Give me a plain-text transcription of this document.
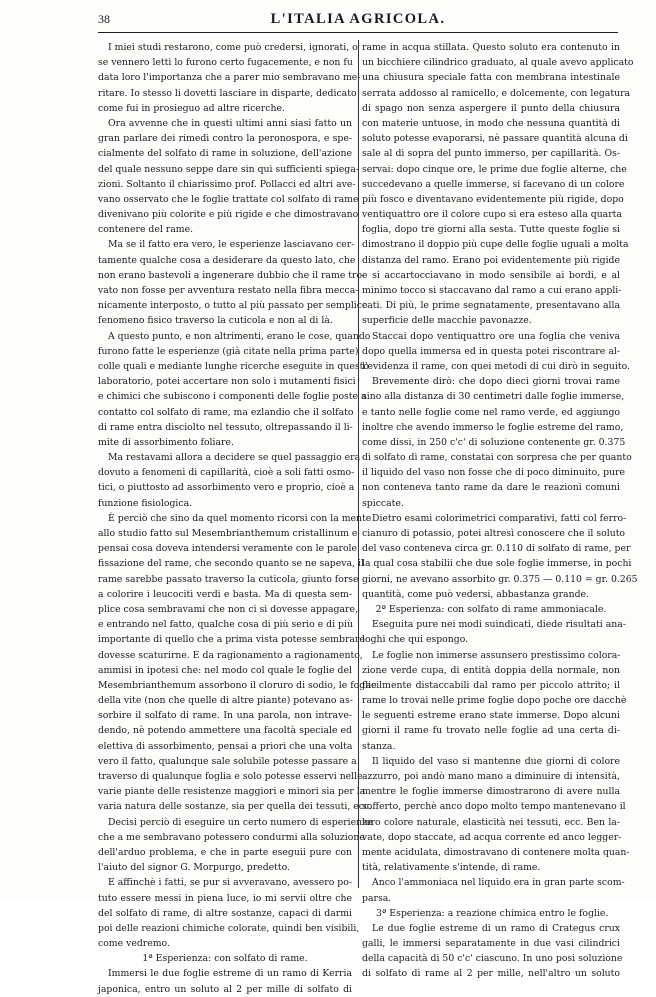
38	L'ITALIA AGRICOLA.
I miei studi restarono, come può credersi, ignorati, o
se vennero letti lo furono certo fugacemente, e non fu
data loro l'importanza che a parer mio sembravano me-
ritare. Io stesso li dovetti lasciare in disparte, dedicato
come fui in prosieguo ad altre ricerche.
Ora avvenne che in questi ultimi anni siasi fatto un
gran parlare dei rimedi contro la peronospora, e spe-
cialmente del solfato di rame in soluzione, dell'azione
del quale nessuno seppe dare sin qui sufficienti spiega-
zioni. Soltanto il chiarissimo prof. Pollacci ed altri ave-
vano osservato che le foglie trattate col solfato di rame
divenivano più colorite e più rigide e che dimostravano
contenere del rame.
Ma se il fatto era vero, le esperienze lasciavano cer-
tamente qualche cosa a desiderare da questo lato, che
non erano bastevoli a ingenerare dubbio che il rame tro-
vato non fosse per avventura restato nella fibra mecca-
nicamente interposto, o tutto al più passato per semplice
fenomeno fisico traverso la cuticola e non al di là.
A questo punto, e non altrimenti, erano le cose, quando
furono fatte le esperienze (già citate nella prima parte)
colle quali e mediante lunghe ricerche eseguite in questo
laboratorio, potei accertare non solo i mutamenti fisici
e chimici che subiscono i componenti delle foglie poste a
contatto col solfato di rame, ma ezlandio che il solfato
di rame entra disciolto nel tessuto, oltrepassando il li-
mite di assorbimento foliare.
Ma restavami allora a decidere se quel passaggio era
dovuto a fenomeni di capillarità, cioè a soli fatti osmo-
tici, o piuttosto ad assorbimento vero e proprio, cioè a
funzione fisiologica.
È perciò che sino da quel momento ricorsi con la mente
allo studio fatto sul Mesembrianthemum cristallinum e
pensai cosa doveva intendersi veramente con le parole
fissazione del rame, che secondo quanto se ne sapeva, il
rame sarebbe passato traverso la cuticola, giunto forse
a colorire i leucociti verdi e basta. Ma di questa sem-
plice cosa sembravami che non ci si dovesse appagare,
e entrando nel fatto, qualche cosa di più serio e di più
importante di quello che a prima vista potesse sembrare
dovesse scaturirne. E da ragionamento a ragionamento,
ammisi in ipotesi che: nel modo col quale le foglie del
Mesembrianthemum assorbono il cloruro di sodio, le foglie
della vite (non che quelle di altre piante) potevano as-
sorbire il solfato di rame. In una parola, non intrave-
dendo, nè potendo ammettere una facoltà speciale ed
elettiva di assorbimento, pensai a priori che una volta
vero il fatto, qualunque sale solubile potesse passare a
traverso di qualunque foglia e solo potesse esservi nelle
varie piante delle resistenze maggiori e minori sia per la
varia natura delle sostanze, sia per quella dei tessuti, ecc.
Decisi perciò di eseguire un certo numero di esperienze
che a me sembravano potessero condurmi alla soluzione
dell'arduo problema, e che in parte eseguii pure con
l'aiuto del signor G. Morpurgo, predetto.
E affinchè i fatti, se pur si avveravano, avessero po-
tuto essere messi in piena luce, io mi servii oltre che
del solfato di rame, di altre sostanze, capaci di darmi
poi delle reazioni chimiche colorate, quindi ben visibili,
come vedremo.
1ª Esperienza: con solfato di rame.
Immersi le due foglie estreme di un ramo di Kerria
japonica, entro un soluto al 2 per mille di solfato di
rame in acqua stillata. Questo soluto era contenuto in
un bicchiere cilindrico graduato, al quale avevo applicato
una chiusura speciale fatta con membrana intestinale
serrata addosso al ramicello, e dolcemente, con legatura
di spago non senza aspergere il punto della chiusura
con materie untuose, in modo che nessuna quantità di
soluto potesse evaporarsi, nè passare quantità alcuna di
sale al di sopra del punto immerso, per capillarità. Os-
servai: dopo cinque ore, le prime due foglie alterne, che
succedevano a quelle immerse, si facevano di un colore
più fosco e diventavano evidentemente più rigide, dopo
ventiquattro ore il colore cupo si era esteso alla quarta
foglia, dopo tre giorni alla sesta. Tutte queste foglie si
dimostrano il doppio più cupe delle foglie uguali a molta
distanza del ramo. Erano poi evidentemente più rigide
e si accartocciavano in modo sensibile ai bordi, e al
minimo tocco si staccavano dal ramo a cui erano appli-
cati. Di più, le prime segnatamente, presentavano alla
superficie delle macchie pavonazze.
Staccai dopo ventiquattro ore una foglia che veniva
dopo quella immersa ed in questa potei riscontrare al-
l'evidenza il rame, con quei metodi di cui dirò in seguito.
Brevemente dirò: che dopo dieci giorni trovai rame
sino alla distanza di 30 centimetri dalle foglie immerse,
e tanto nelle foglie come nel ramo verde, ed aggiungo
inoltre che avendo immerso le foglie estreme del ramo,
come dissi, in 250 c'c' di soluzione contenente gr. 0.375
di solfato di rame, constatai con sorpresa che per quanto
il liquido del vaso non fosse che di poco diminuito, pure
non conteneva tanto rame da dare le reazioni comuni
spiccate.
Dietro esami colorimetrici comparativi, fatti col ferro-
cianuro di potassio, potei altresì conoscere che il soluto
del vaso conteneva circa gr. 0.110 di solfato di rame, per
la qual cosa stabilii che due sole foglie immerse, in pochi
giorni, ne avevano assorbito gr. 0.375 — 0.110 = gr. 0.265
quantità, come può vedersi, abbastanza grande.
2ª Esperienza: con solfato di rame ammoniacale.
Eseguita pure nei modi suindicati, diede risultati ana-
loghi che qui espongo.
Le foglie non immerse assunsero prestissimo colora-
zione verde cupa, di entità doppia della normale, non
facilmente distaccabili dal ramo per piccolo attrito; il
rame lo trovai nelle prime foglie dopo poche ore dacchè
le seguenti estreme erano state immerse. Dopo alcuni
giorni il rame fu trovato nelle foglie ad una certa di-
stanza.
Il liquido del vaso si mantenne due giorni di colore
azzurro, poi andò mano mano a diminuire di intensità,
mentre le foglie immerse dimostrarono di avere nulla
sofferto, perchè anco dopo molto tempo mantenevano il
loro colore naturale, elasticità nei tessuti, ecc. Ben la-
vate, dopo staccate, ad acqua corrente ed anco legger-
mente acidulata, dimostravano di contenere molta quan-
tità, relativamente s'intende, di rame.
Anco l'ammoniaca nel liquido era in gran parte scom-
parsa.
3ª Esperienza: a reazione chimica entro le foglie.
Le due foglie estreme di un ramo di Crategus crux
galli, le immersi separatamente in due vasi cilindrici
della capacità di 50 c'c' ciascuno. In uno posi soluzione
di solfato di rame al 2 per mille, nell'altro un soluto
